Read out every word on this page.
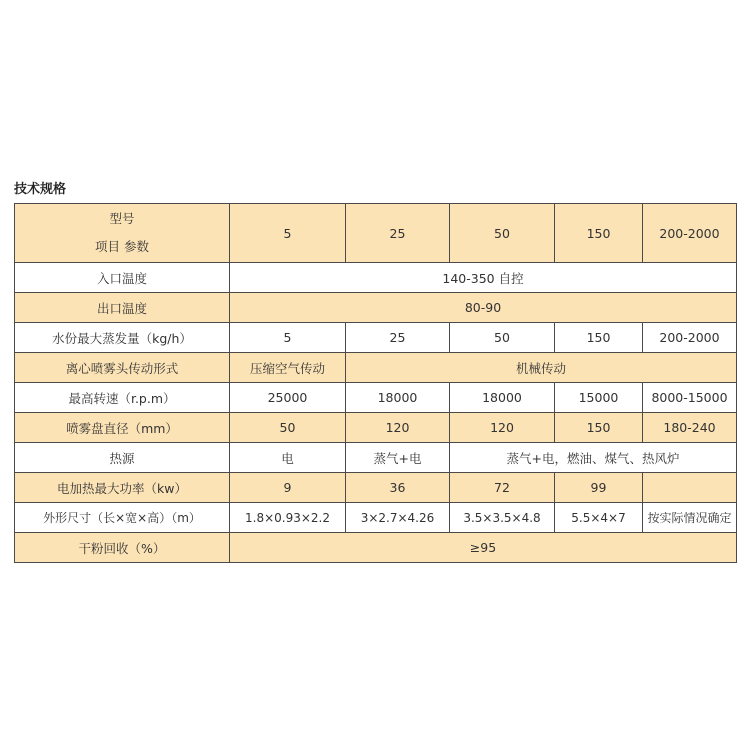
技术规格
型号
项目 参数	5	25	50	150	200-2000
入口温度	140-350 自控				
出口温度	80-90				
水份最大蒸发量（kg/h）	5	25	50	150	200-2000
离心喷雾头传动形式	压缩空气传动	机械传动			
最高转速（r.p.m）	25000	18000	18000	15000	8000-15000
喷雾盘直径（mm）	50	120	120	150	180-240
热源	电	蒸气+电	蒸气+电，燃油、煤气、热风炉		
电加热最大功率（kw）	9	36	72	99	
外形尺寸（长×宽×高）（m）	1.8×0.93×2.2	3×2.7×4.26	3.5×3.5×4.8	5.5×4×7	按实际情况确定
干粉回收（%）	≥95				
